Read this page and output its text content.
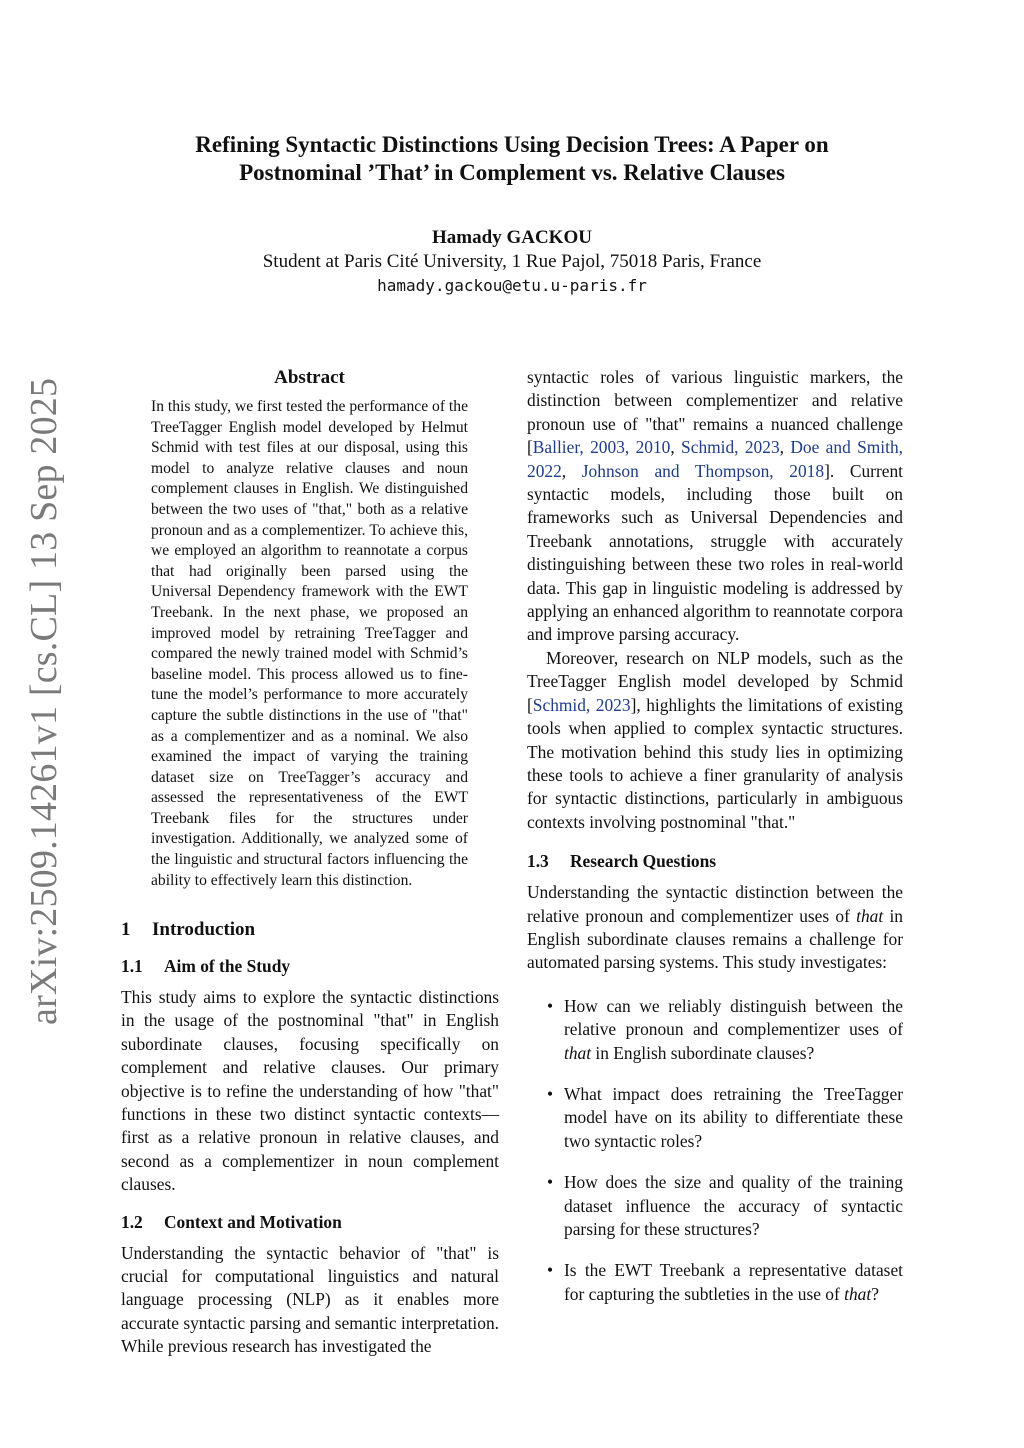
Refining Syntactic Distinctions Using Decision Trees: A Paper on
Postnominal ’That’ in Complement vs. Relative Clauses
Hamady GACKOU
Student at Paris Cité University, 1 Rue Pajol, 75018 Paris, France
hamady.gackou@etu.u-paris.fr
arXiv:2509.14261v1 [cs.CL] 13 Sep 2025
Abstract

In this study, we first tested the performance of the TreeTagger English model developed by Helmut Schmid with test files at our disposal, using this model to analyze relative clauses and noun complement clauses in English. We distinguished between the two uses of "that," both as a relative pronoun and as a complementizer. To achieve this, we employed an algorithm to reannotate a corpus that had originally been parsed using the Universal Dependency framework with the EWT Treebank. In the next phase, we proposed an improved model by retraining TreeTagger and compared the newly trained model with Schmid’s baseline model. This process allowed us to fine-tune the model’s performance to more accurately capture the subtle distinctions in the use of "that" as a complementizer and as a nominal. We also examined the impact of varying the training dataset size on TreeTagger’s accuracy and assessed the representativeness of the EWT Treebank files for the structures under investigation. Additionally, we analyzed some of the linguistic and structural factors influencing the ability to effectively learn this distinction.

1	Introduction
1.1	Aim of the Study

This study aims to explore the syntactic distinctions in the usage of the postnominal "that" in English subordinate clauses, focusing specifically on complement and relative clauses. Our primary objective is to refine the understanding of how "that" functions in these two distinct syntactic contexts—first as a relative pronoun in relative clauses, and second as a complementizer in noun complement clauses.

1.2	Context and Motivation

Understanding the syntactic behavior of "that" is crucial for computational linguistics and natural language processing (NLP) as it enables more accurate syntactic parsing and semantic interpretation. While previous research has investigated the

syntactic roles of various linguistic markers, the distinction between complementizer and relative pronoun use of "that" remains a nuanced challenge [Ballier, 2003, 2010, Schmid, 2023, Doe and Smith, 2022, Johnson and Thompson, 2018]. Current syntactic models, including those built on frameworks such as Universal Dependencies and Treebank annotations, struggle with accurately distinguishing between these two roles in real-world data. This gap in linguistic modeling is addressed by applying an enhanced algorithm to reannotate corpora and improve parsing accuracy.

Moreover, research on NLP models, such as the TreeTagger English model developed by Schmid [Schmid, 2023], highlights the limitations of existing tools when applied to complex syntactic structures. The motivation behind this study lies in optimizing these tools to achieve a finer granularity of analysis for syntactic distinctions, particularly in ambiguous contexts involving postnominal "that."

1.3	Research Questions

Understanding the syntactic distinction between the relative pronoun and complementizer uses of that in English subordinate clauses remains a challenge for automated parsing systems. This study investigates:

• How can we reliably distinguish between the relative pronoun and complementizer uses of that in English subordinate clauses?
• What impact does retraining the TreeTagger model have on its ability to differentiate these two syntactic roles?
• How does the size and quality of the training dataset influence the accuracy of syntactic parsing for these structures?
• Is the EWT Treebank a representative dataset for capturing the subtleties in the use of that?
